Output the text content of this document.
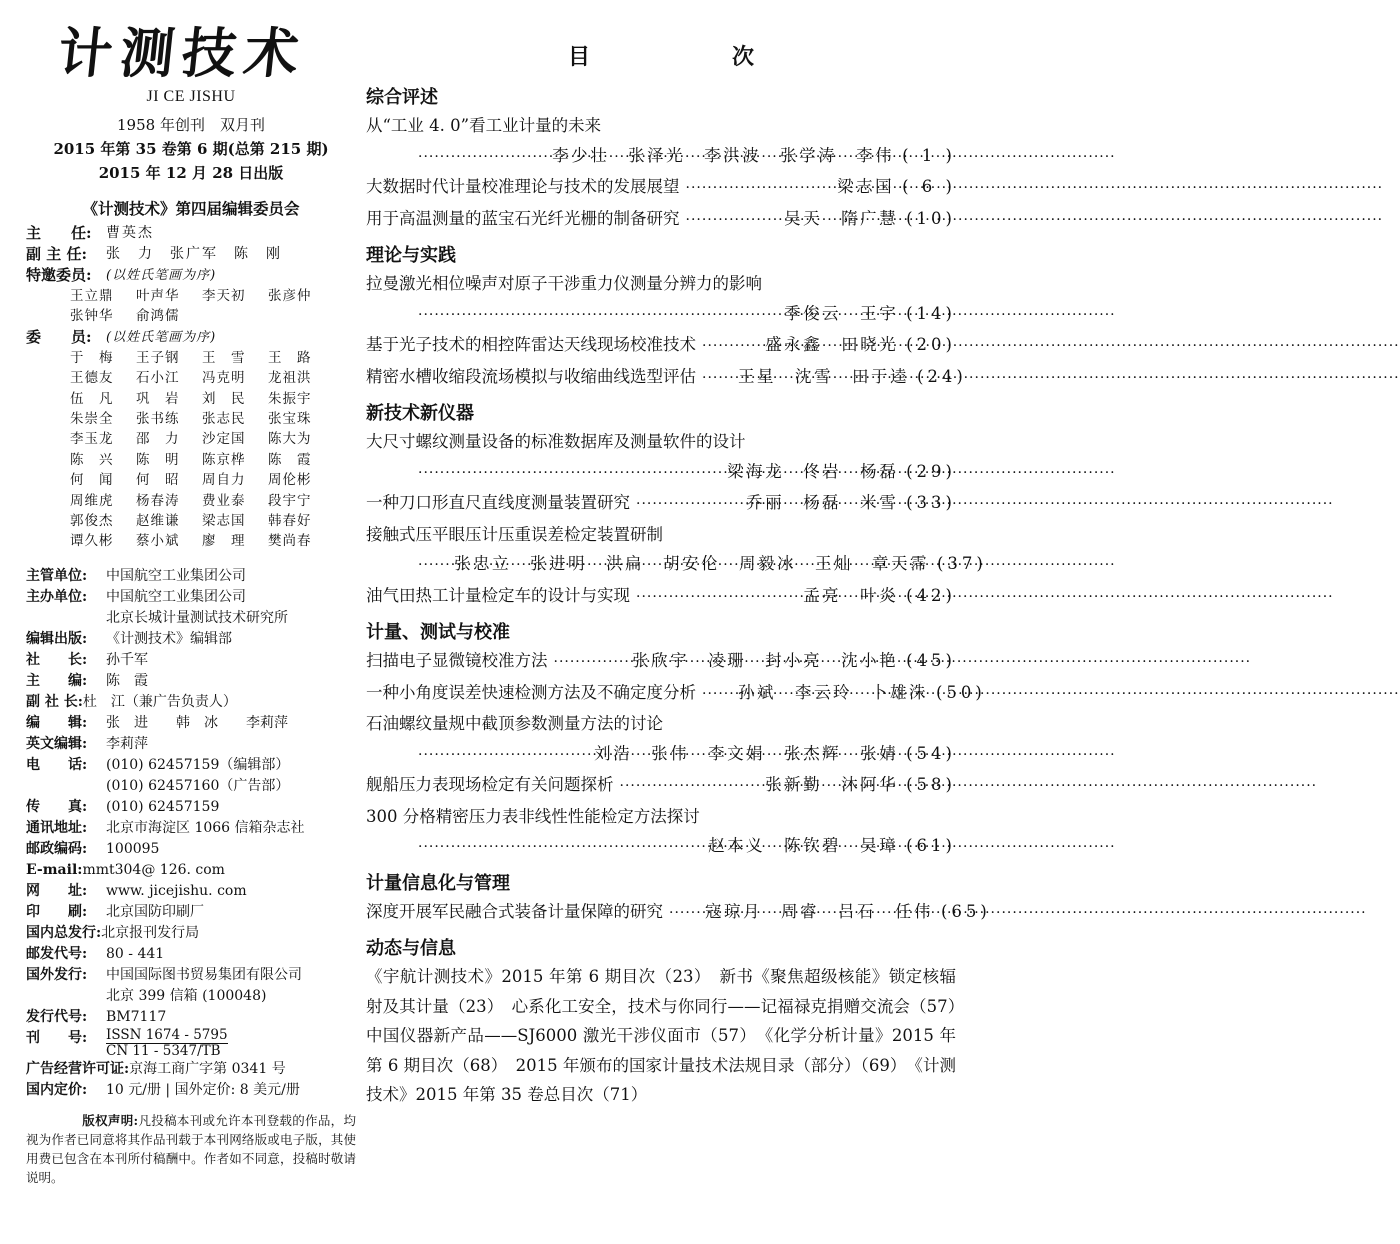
计测技术
JI CE JISHU
1958 年创刊　双月刊
2015 年第 35 卷第 6 期(总第 215 期)
2015 年 12 月 28 日出版
《计测技术》第四届编辑委员会
主　　任:	曹英杰
副 主 任:	张　力　张广军　陈　刚
特邀委员:	(以姓氏笔画为序)
王立鼎	叶声华	李天初	张彦仲
张钟华	俞鸿儒
委　　员:	(以姓氏笔画为序)
于　梅	王子钢	王　雪	王　路
王德友	石小江	冯克明	龙祖洪
伍　凡	巩　岩	刘　民	朱振宇
朱崇全	张书练	张志民	张宝珠
李玉龙	邵　力	沙定国	陈大为
陈　兴	陈　明	陈京桦	陈　霞
何　闻	何　昭	周自力	周伦彬
周维虎	杨春涛	费业泰	段宇宁
郭俊杰	赵维谦	梁志国	韩春好
谭久彬	蔡小斌	廖　理	樊尚春
主管单位:	中国航空工业集团公司
主办单位:	中国航空工业集团公司
北京长城计量测试技术研究所
编辑出版:	《计测技术》编辑部
社　　长:	孙千军
主　　编:	陈　霞
副 社 长: 杜　江（兼广告负责人）
编　　辑:	张　进　　韩　冰　　李莉萍
英文编辑:	李莉萍
电　　话:	(010) 62457159（编辑部）
(010) 62457160（广告部）
传　　真:	(010) 62457159
通讯地址:	北京市海淀区 1066 信箱杂志社
邮政编码:	100095
E-mail: mmt304@ 126. com
网　　址:	www. jicejishu. com
印　　刷:	北京国防印刷厂
国内总发行: 北京报刊发行局
邮发代号:	80 - 441
国外发行:	中国国际图书贸易集团有限公司
北京 399 信箱 (100048)
发行代号:	BM7117
刊　　号:	ISSN 1674 - 5795
CN 11 - 5347/TB
广告经营许可证: 京海工商广字第 0341 号
国内定价:	10 元/册 | 国外定价: 8 美元/册
版权声明:凡投稿本刊或允许本刊登载的作品，均视为作者已同意将其作品刊载于本刊网络版或电子版，其使用费已包含在本刊所付稿酬中。作者如不同意，投稿时敬请说明。
目　次
综合评述
从“工业 4. 0”看工业计量的未来
·····
李少壮　张泽光　李洪波　张学涛　李伟 ( 1 )
大数据时代计量校准理论与技术的发展展望 ·····	梁志国 ( 6 )
用于高温测量的蓝宝石光纤光栅的制备研究 ·····	吴天　隋广慧 (10)
理论与实践
拉曼激光相位噪声对原子干涉重力仪测量分辨力的影响
·····
季俊云　王宇 (14)
基于光子技术的相控阵雷达天线现场校准技术 ·····	盛永鑫　田晓光 (20)
精密水槽收缩段流场模拟与收缩曲线选型评估 ·····	王星　沈雪　田于逵 (24)
新技术新仪器
大尺寸螺纹测量设备的标准数据库及测量软件的设计
·····
梁海龙　佟岩　杨磊 (29)
一种刀口形直尺直线度测量装置研究 ·····	乔丽　杨磊　米雪 (33)
接触式压平眼压计压重误差检定装置研制
·····
张忠立　张进明　洪扁　胡安伦　周毅冰　王灿　章天霈 (37)
油气田热工计量检定车的设计与实现 ·····	孟亮　叶炎 (42)
计量、测试与校准
扫描电子显微镜校准方法 ·····	张欣宇　凌珊　封小亮　沈小艳 (45)
一种小角度误差快速检测方法及不确定度分析 ·····	孙斌　李云玲　卜雄洙 (50)
石油螺纹量规中截顶参数测量方法的讨论
·····
刘浩　张伟　李文娟　张杰辉　张婧 (54)
舰船压力表现场检定有关问题探析 ·····	张新勤　沐阿华 (58)
300 分格精密压力表非线性性能检定方法探讨
·····
赵本义　陈钦碧　吴璋 (61)
计量信息化与管理
深度开展军民融合式装备计量保障的研究 ·····	寇琼月　周睿　吕石　任伟 (65)
动态与信息
《宇航计测技术》2015 年第 6 期目次（23）　新书《聚焦超级核能》锁定核辐射及其计量（23）　心系化工安全，技术与你同行——记福禄克捐赠交流会（57）　中国仪器新产品——SJ6000 激光干涉仪面市（57）　《化学分析计量》2015 年第 6 期目次（68）　2015 年颁布的国家计量技术法规目录（部分）（69）　《计测技术》2015 年第 35 卷总目次（71）
